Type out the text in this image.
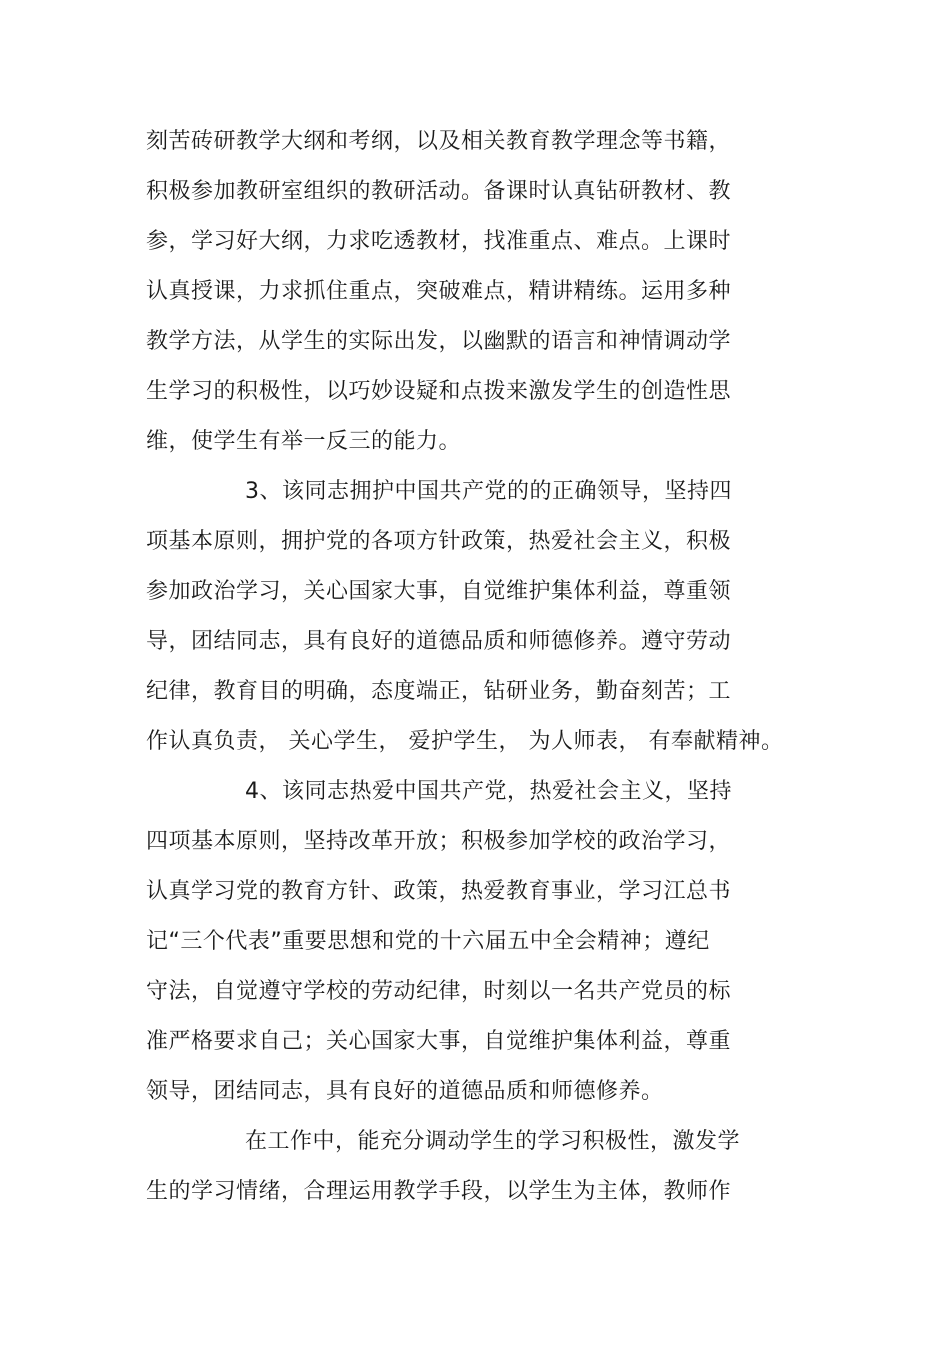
刻苦砖研教学大纲和考纲，以及相关教育教学理念等书籍，
积极参加教研室组织的教研活动。备课时认真钻研教材、教
参，学习好大纲，力求吃透教材，找准重点、难点。上课时
认真授课，力求抓住重点，突破难点，精讲精练。运用多种
教学方法，从学生的实际出发，以幽默的语言和神情调动学
生学习的积极性，以巧妙设疑和点拨来激发学生的创造性思
维，使学生有举一反三的能力。
3、该同志拥护中国共产党的的正确领导，坚持四
项基本原则，拥护党的各项方针政策，热爱社会主义，积极
参加政治学习，关心国家大事，自觉维护集体利益，尊重领
导，团结同志，具有良好的道德品质和师德修养。遵守劳动
纪律，教育目的明确，态度端正，钻研业务，勤奋刻苦；工
作认真负责， 关心学生， 爱护学生， 为人师表， 有奉献精神。
4、该同志热爱中国共产党，热爱社会主义，坚持
四项基本原则，坚持改革开放；积极参加学校的政治学习，
认真学习党的教育方针、政策，热爱教育事业，学习江总书
记“三个代表”重要思想和党的十六届五中全会精神；遵纪
守法，自觉遵守学校的劳动纪律，时刻以一名共产党员的标
准严格要求自己；关心国家大事，自觉维护集体利益，尊重
领导，团结同志，具有良好的道德品质和师德修养。
在工作中，能充分调动学生的学习积极性，激发学
生的学习情绪，合理运用教学手段，以学生为主体，教师作
